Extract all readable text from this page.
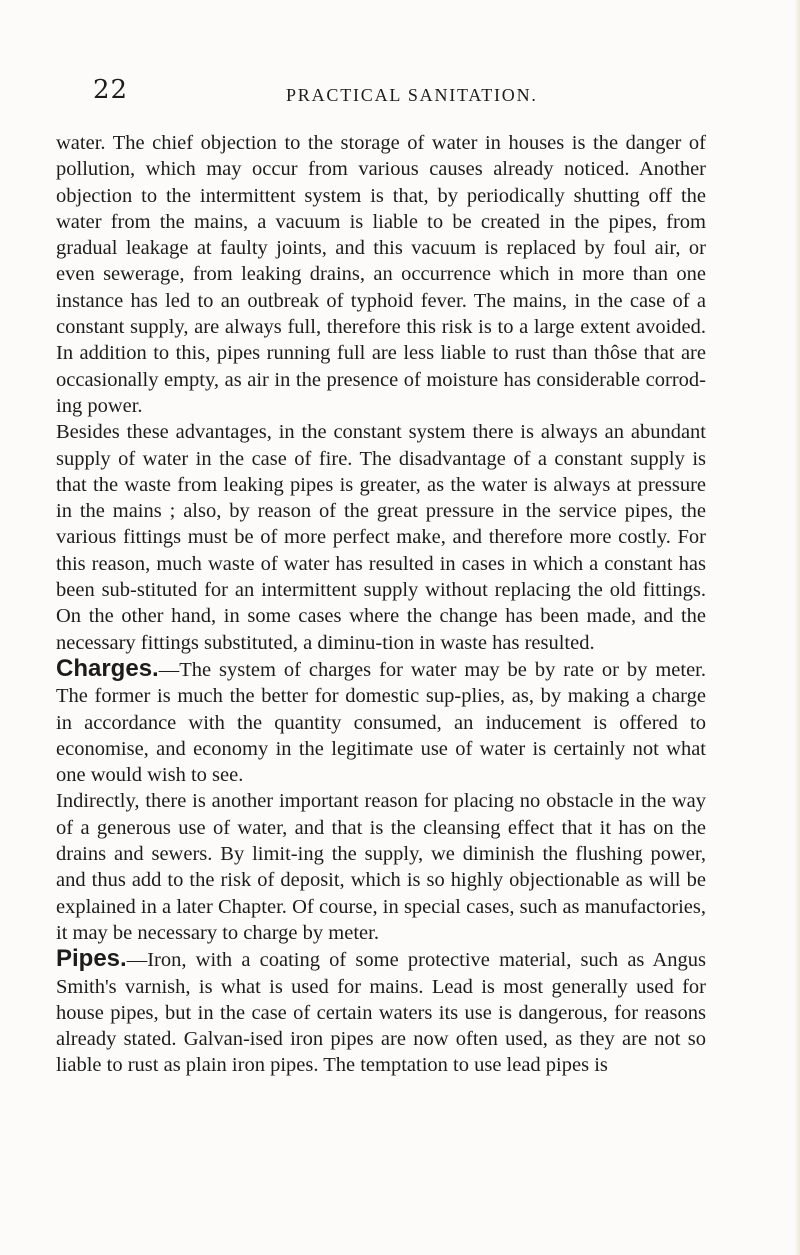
22	PRACTICAL SANITATION.

water. The chief objection to the storage of water in houses is the danger of pollution, which may occur from various causes already noticed. Another objection to the intermittent system is that, by periodically shutting off the water from the mains, a vacuum is liable to be created in the pipes, from gradual leakage at faulty joints, and this vacuum is replaced by foul air, or even sewerage, from leaking drains, an occurrence which in more than one instance has led to an outbreak of typhoid fever. The mains, in the case of a constant supply, are always full, therefore this risk is to a large extent avoided. In addition to this, pipes running full are less liable to rust than thôse that are occasionally empty, as air in the presence of moisture has considerable corrod-ing power.

Besides these advantages, in the constant system there is always an abundant supply of water in the case of fire. The disadvantage of a constant supply is that the waste from leaking pipes is greater, as the water is always at pressure in the mains ; also, by reason of the great pressure in the service pipes, the various fittings must be of more perfect make, and therefore more costly. For this reason, much waste of water has resulted in cases in which a constant has been sub-stituted for an intermittent supply without replacing the old fittings. On the other hand, in some cases where the change has been made, and the necessary fittings substituted, a diminu-tion in waste has resulted.

Charges.—The system of charges for water may be by rate or by meter. The former is much the better for domestic sup-plies, as, by making a charge in accordance with the quantity consumed, an inducement is offered to economise, and economy in the legitimate use of water is certainly not what one would wish to see.

Indirectly, there is another important reason for placing no obstacle in the way of a generous use of water, and that is the cleansing effect that it has on the drains and sewers. By limit-ing the supply, we diminish the flushing power, and thus add to the risk of deposit, which is so highly objectionable as will be explained in a later Chapter. Of course, in special cases, such as manufactories, it may be necessary to charge by meter.

Pipes.—Iron, with a coating of some protective material, such as Angus Smith's varnish, is what is used for mains. Lead is most generally used for house pipes, but in the case of certain waters its use is dangerous, for reasons already stated. Galvan-ised iron pipes are now often used, as they are not so liable to rust as plain iron pipes. The temptation to use lead pipes is
